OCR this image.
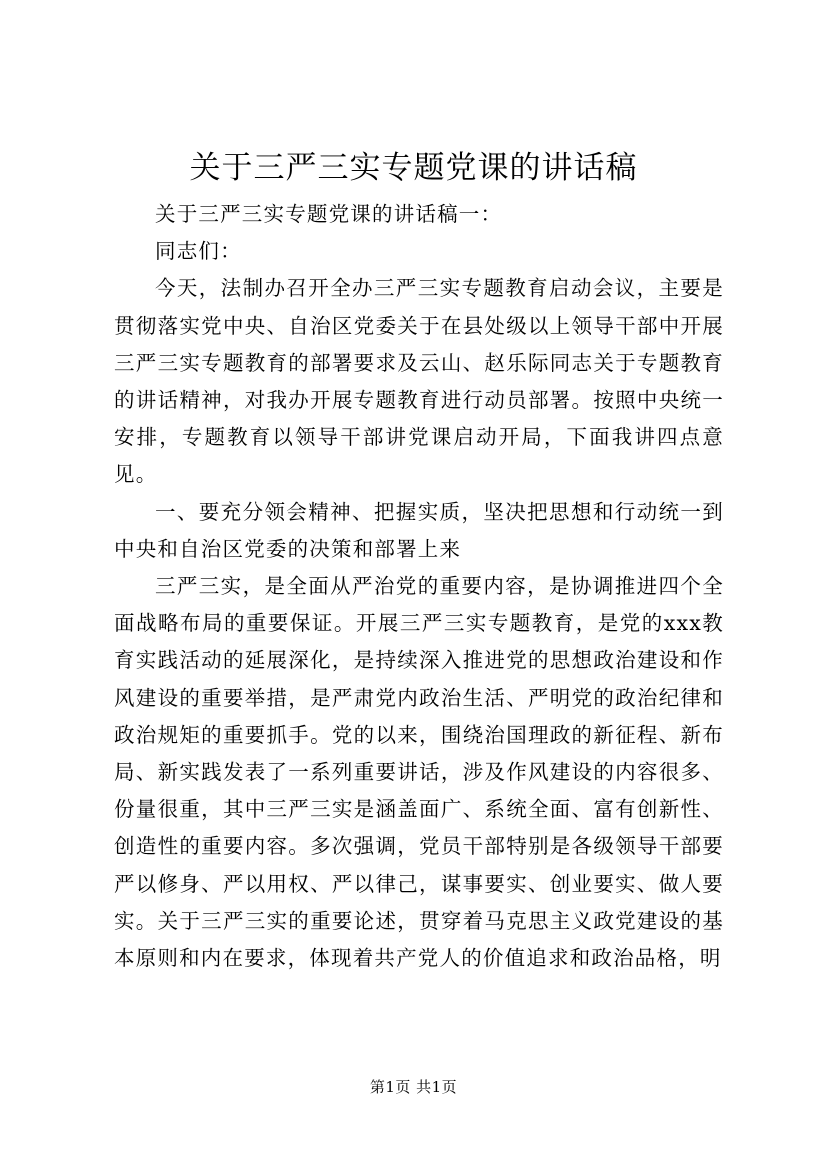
关于三严三实专题党课的讲话稿

关于三严三实专题党课的讲话稿一：

同志们：

今天，法制办召开全办三严三实专题教育启动会议，主要是贯彻落实党中央、自治区党委关于在县处级以上领导干部中开展三严三实专题教育的部署要求及云山、赵乐际同志关于专题教育的讲话精神，对我办开展专题教育进行动员部署。按照中央统一安排，专题教育以领导干部讲党课启动开局，下面我讲四点意见。

一、要充分领会精神、把握实质，坚决把思想和行动统一到中央和自治区党委的决策和部署上来

三严三实，是全面从严治党的重要内容，是协调推进四个全面战略布局的重要保证。开展三严三实专题教育，是党的xxx教育实践活动的延展深化，是持续深入推进党的思想政治建设和作风建设的重要举措，是严肃党内政治生活、严明党的政治纪律和政治规矩的重要抓手。党的以来，围绕治国理政的新征程、新布局、新实践发表了一系列重要讲话，涉及作风建设的内容很多、份量很重，其中三严三实是涵盖面广、系统全面、富有创新性、创造性的重要内容。多次强调，党员干部特别是各级领导干部要严以修身、严以用权、严以律己，谋事要实、创业要实、做人要实。关于三严三实的重要论述，贯穿着马克思主义政党建设的基本原则和内在要求，体现着共产党人的价值追求和政治品格，明

第1页 共1页
